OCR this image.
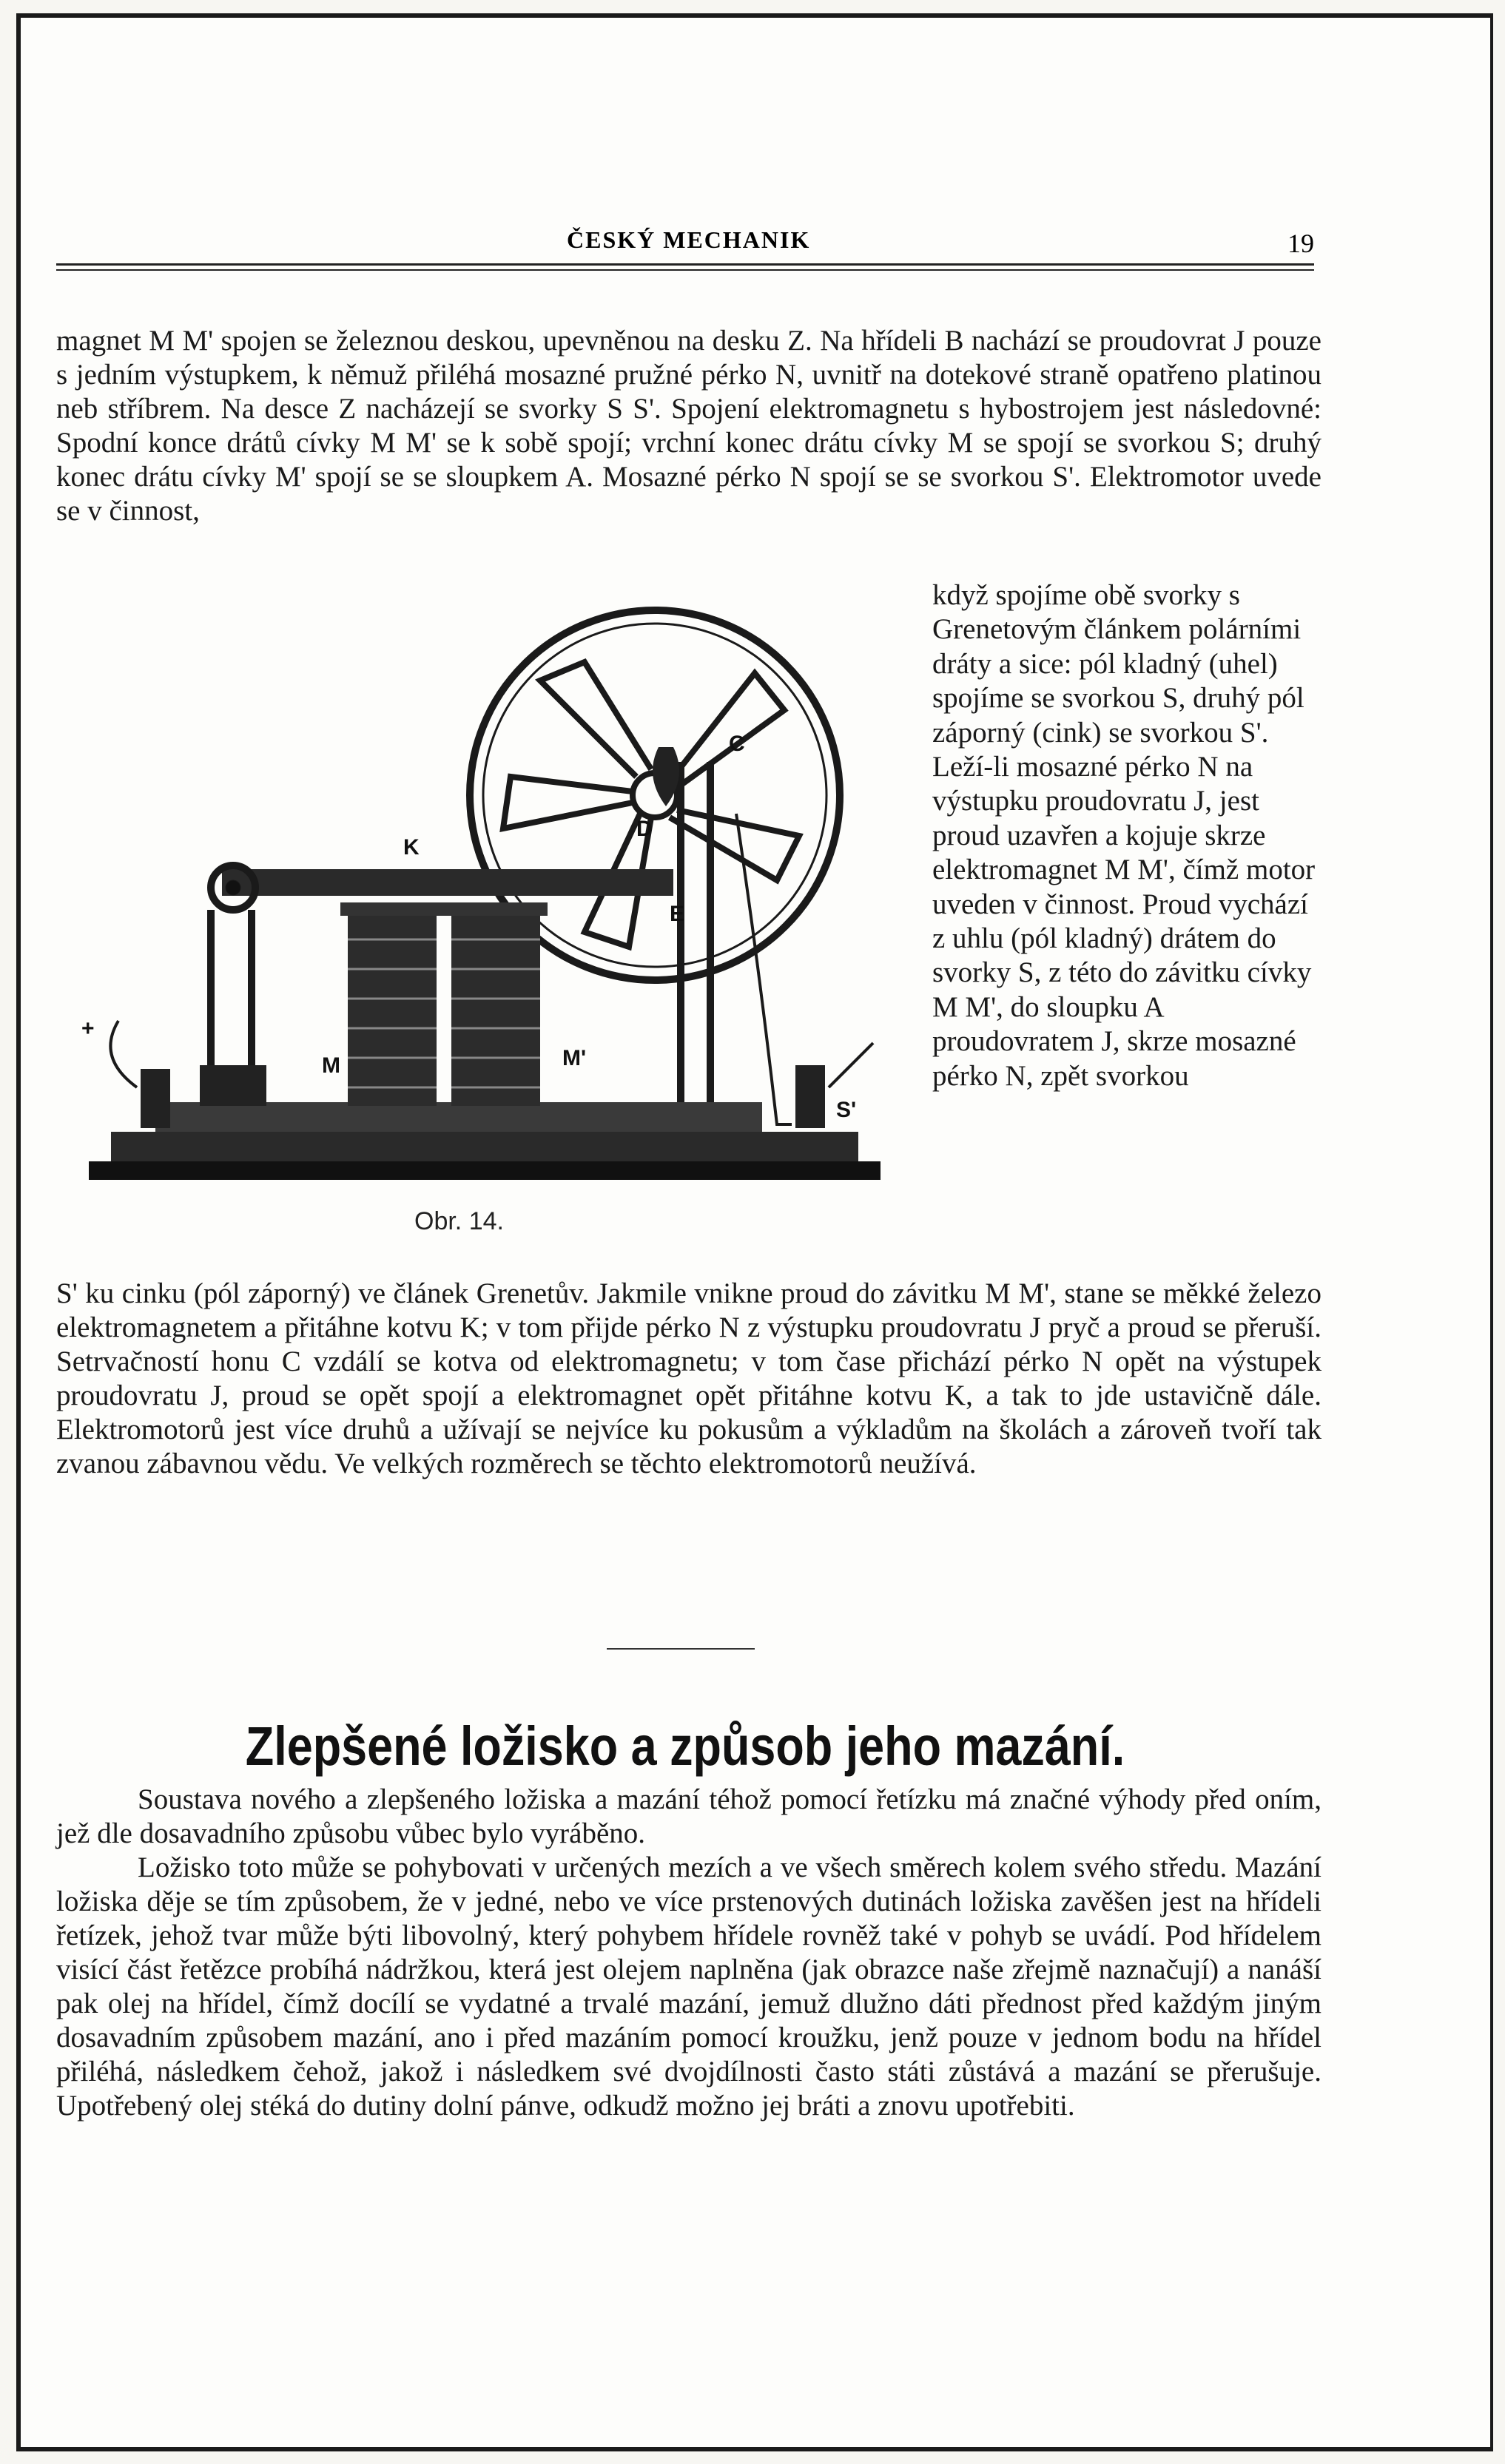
ČESKÝ MECHANIK	19
magnet M M' spojen se železnou deskou, upevněnou na desku Z. Na hřídeli B nachází se proudovrat J pouze s jedním výstupkem, k němuž přiléhá mosazné pružné pérko N, uvnitř na dotekové straně opatřeno platinou neb stříbrem. Na desce Z nacházejí se svorky S S'. Spojení elektromagnetu s hybostrojem jest následovné: Spodní konce drátů cívky M M' se k sobě spojí; vrchní konec drátu cívky M se spojí se svorkou S; druhý konec drátu cívky M' spojí se se sloupkem A. Mosazné pérko N spojí se se svorkou S'. Elektromotor uvede se v činnost,
K
C
D
E
M	M'
S'
+
Obr. 14.
když spojíme obě svorky s Grenetovým článkem polárními dráty a sice: pól kladný (uhel) spojíme se svorkou S, druhý pól záporný (cink) se svorkou S'. Leží-li mosazné pérko N na výstupku proudovratu J, jest proud uzavřen a kojuje skrze elektromagnet M M', čímž motor uveden v činnost. Proud vychází z uhlu (pól kladný) drátem do svorky S, z této do závitku cívky M M', do sloupku A proudovratem J, skrze mosazné pérko N, zpět svorkou
S' ku cinku (pól záporný) ve článek Grenetův. Jakmile vnikne proud do závitku M M', stane se měkké železo elektromagnetem a přitáhne kotvu K; v tom přijde pérko N z výstupku proudovratu J pryč a proud se přeruší. Setrvačností honu C vzdálí se kotva od elektromagnetu; v tom čase přichází pérko N opět na výstupek proudovratu J, proud se opět spojí a elektromagnet opět přitáhne kotvu K, a tak to jde ustavičně dále. Elektromotorů jest více druhů a užívají se nejvíce ku pokusům a výkladům na školách a zároveň tvoří tak zvanou zábavnou vědu. Ve velkých rozměrech se těchto elektromotorů neužívá.
Zlepšené ložisko a způsob jeho mazání.
Soustava nového a zlepšeného ložiska a mazání téhož pomocí řetízku má značné výhody před oním, jež dle dosavadního způsobu vůbec bylo vyráběno.
Ložisko toto může se pohybovati v určených mezích a ve všech směrech kolem svého středu. Mazání ložiska děje se tím způsobem, že v jedné, nebo ve více prstenových dutinách ložiska zavěšen jest na hřídeli řetízek, jehož tvar může býti libovolný, který pohybem hřídele rovněž také v pohyb se uvádí. Pod hřídelem visící část řetězce probíhá nádržkou, která jest olejem naplněna (jak obrazce naše zřejmě naznačují) a nanáší pak olej na hřídel, čímž docílí se vydatné a trvalé mazání, jemuž dlužno dáti přednost před každým jiným dosavadním způsobem mazání, ano i před mazáním pomocí kroužku, jenž pouze v jednom bodu na hřídel přiléhá, následkem čehož, jakož i následkem své dvojdílnosti často státi zůstává a mazání se přerušuje. Upotřebený olej stéká do dutiny dolní pánve, odkudž možno jej bráti a znovu upotřebiti.
